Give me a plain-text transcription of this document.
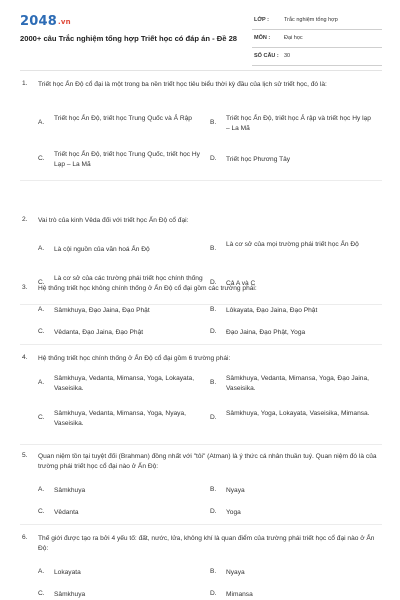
2048.vn
2000+ câu Trắc nghiệm tổng hợp Triết học có đáp án - Đề 28
LỚP :	Trắc nghiệm tổng hợp
MÔN :	Đại học
SỐ CÂU : 30
1. Triết học Ấn Độ cổ đại là một trong ba nền triết học tiêu biểu thời kỳ đầu của lịch sử triết học, đó là:
A.
Triết học Ấn Độ, triết học Trung Quốc và Ả Rập
B.
Triết học Ấn Độ, triết học Ả rập và triết học Hy lạp – La Mã
C.
Triết học Ấn Độ, triết học Trung Quốc, triết học Hy Lạp – La Mã
D. Triết học Phương Tây
2. Vai trò của kinh Vêda đối với triết học Ấn Độ cổ đại:
A. Là cội nguồn của văn hoá Ấn Độ	B.
Là cơ sở của mọi trường phái triết học Ấn Độ
C.
Là cơ sở của các trường phái triết học chính thống
D. Cả A và C
3. Hệ thống triết học không chính thống ở Ấn Độ cổ đại gồm các trường phái:
A. Sâmkhuya, Đạo Jaina, Đạo Phật	B. Lôkayata, Đạo Jaina, Đạo Phật
C. Vêdanta, Đạo Jaina, Đạo Phật	D. Đạo Jaina, Đạo Phật, Yoga
4. Hệ thống triết học chính thống ở Ấn Độ cổ đại gồm 6 trường phái:
A.
Sâmkhuya, Vedanta, Mimansa, Yoga, Lokayata, Vaseisika.
B.
Sâmkhuya, Vedanta, Mimansa, Yoga, Đạo Jaina, Vaseisika.
C.
Sâmkhuya, Vedanta, Mimansa, Yoga, Nyaya, Vaseisika.
D.
Sâmkhuya, Yoga, Lokayata, Vaseisika, Mimansa.
5. Quan niệm tồn tại tuyệt đối (Brahman) đồng nhất với "tôi" (Atman) là ý thức cá nhân thuần tuý. Quan niệm đó là của trường phái triết học cổ đại nào ở Ấn Độ:
A. Sâmkhuya	B. Nyaya
C. Vêdanta	D. Yoga
6. Thế giới được tạo ra bởi 4 yếu tố: đất, nước, lửa, không khí là quan điểm của trường phái triết học cổ đại nào ở Ấn Độ:
A. Lokayata	B. Nyaya
C. Sâmkhuya	D. Mimansa
